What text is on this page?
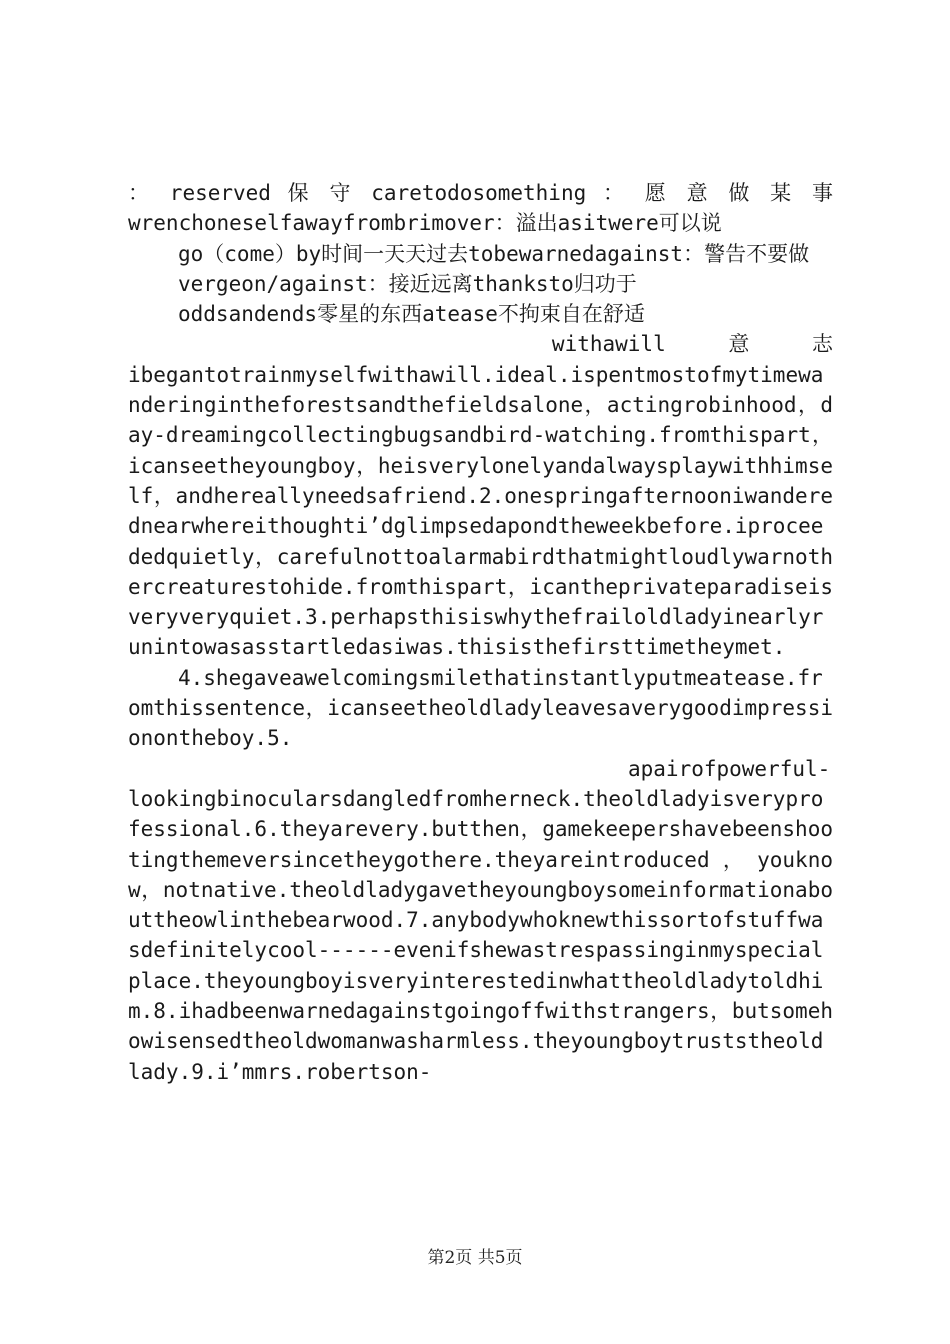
： reserved 保 守 caretodosomething ： 愿 意 做 某 事

wrenchoneselfawayfrombrimover：溢出asitwere可以说

go（come）by时间一天天过去tobewarnedagainst：警告不要做

vergeon/against：接近远离thanksto归功于

oddsandends零星的东西atease不拘束自在舒适

withawill 意 志

ibegantotrainmyselfwithawill.ideal.ispentmostofmytimewanderingintheforestsandthefieldsalone，actingrobinhood，day-dreamingcollectingbugsandbird-watching.fromthispart，icanseetheyoungboy，heisverylonelyandalwaysplaywithhimself，andhereallyneedsafriend.2.onespringafternooniwanderednearwhereithoughti’dglimpsedapondtheweekbefore.iproceededquietly，carefulnottoalarmabirdthatmightloudlywarnothercreaturestohide.fromthispart，icantheprivateparadiseisveryveryquiet.3.perhapsthisiswhythefrailoldladyinearlyrunintowasasstartledasiwas.thisisthefirsttimetheymet.

4.shegaveawelcomingsmilethatinstantlyputmeatease.fromthissentence，icanseetheoldladyleavesaverygoodimpressionontheboy.5.

apairofpowerful-lookingbinocularsdangledfromherneck.theoldladyisveryprofessional.6.theyarevery.butthen，gamekeepershavebeenshootingthemeversincetheygothere.theyareintroduced，youknow，notnative.theoldladygavetheyoungboysomeinformationabouttheowlinthebearwood.7.anybodywhoknewthissortofstuffwasdefinitelycool------evenifshewastrespassinginmyspecialplace.theyoungboyisveryinterestedinwhattheoldladytoldhim.8.ihadbeenwarnedagainstgoingoffwithstrangers，butsomehowisensedtheoldwomanwasharmless.theyoungboytruststheoldlady.9.i’mmrs.robertson-

第2页 共5页
